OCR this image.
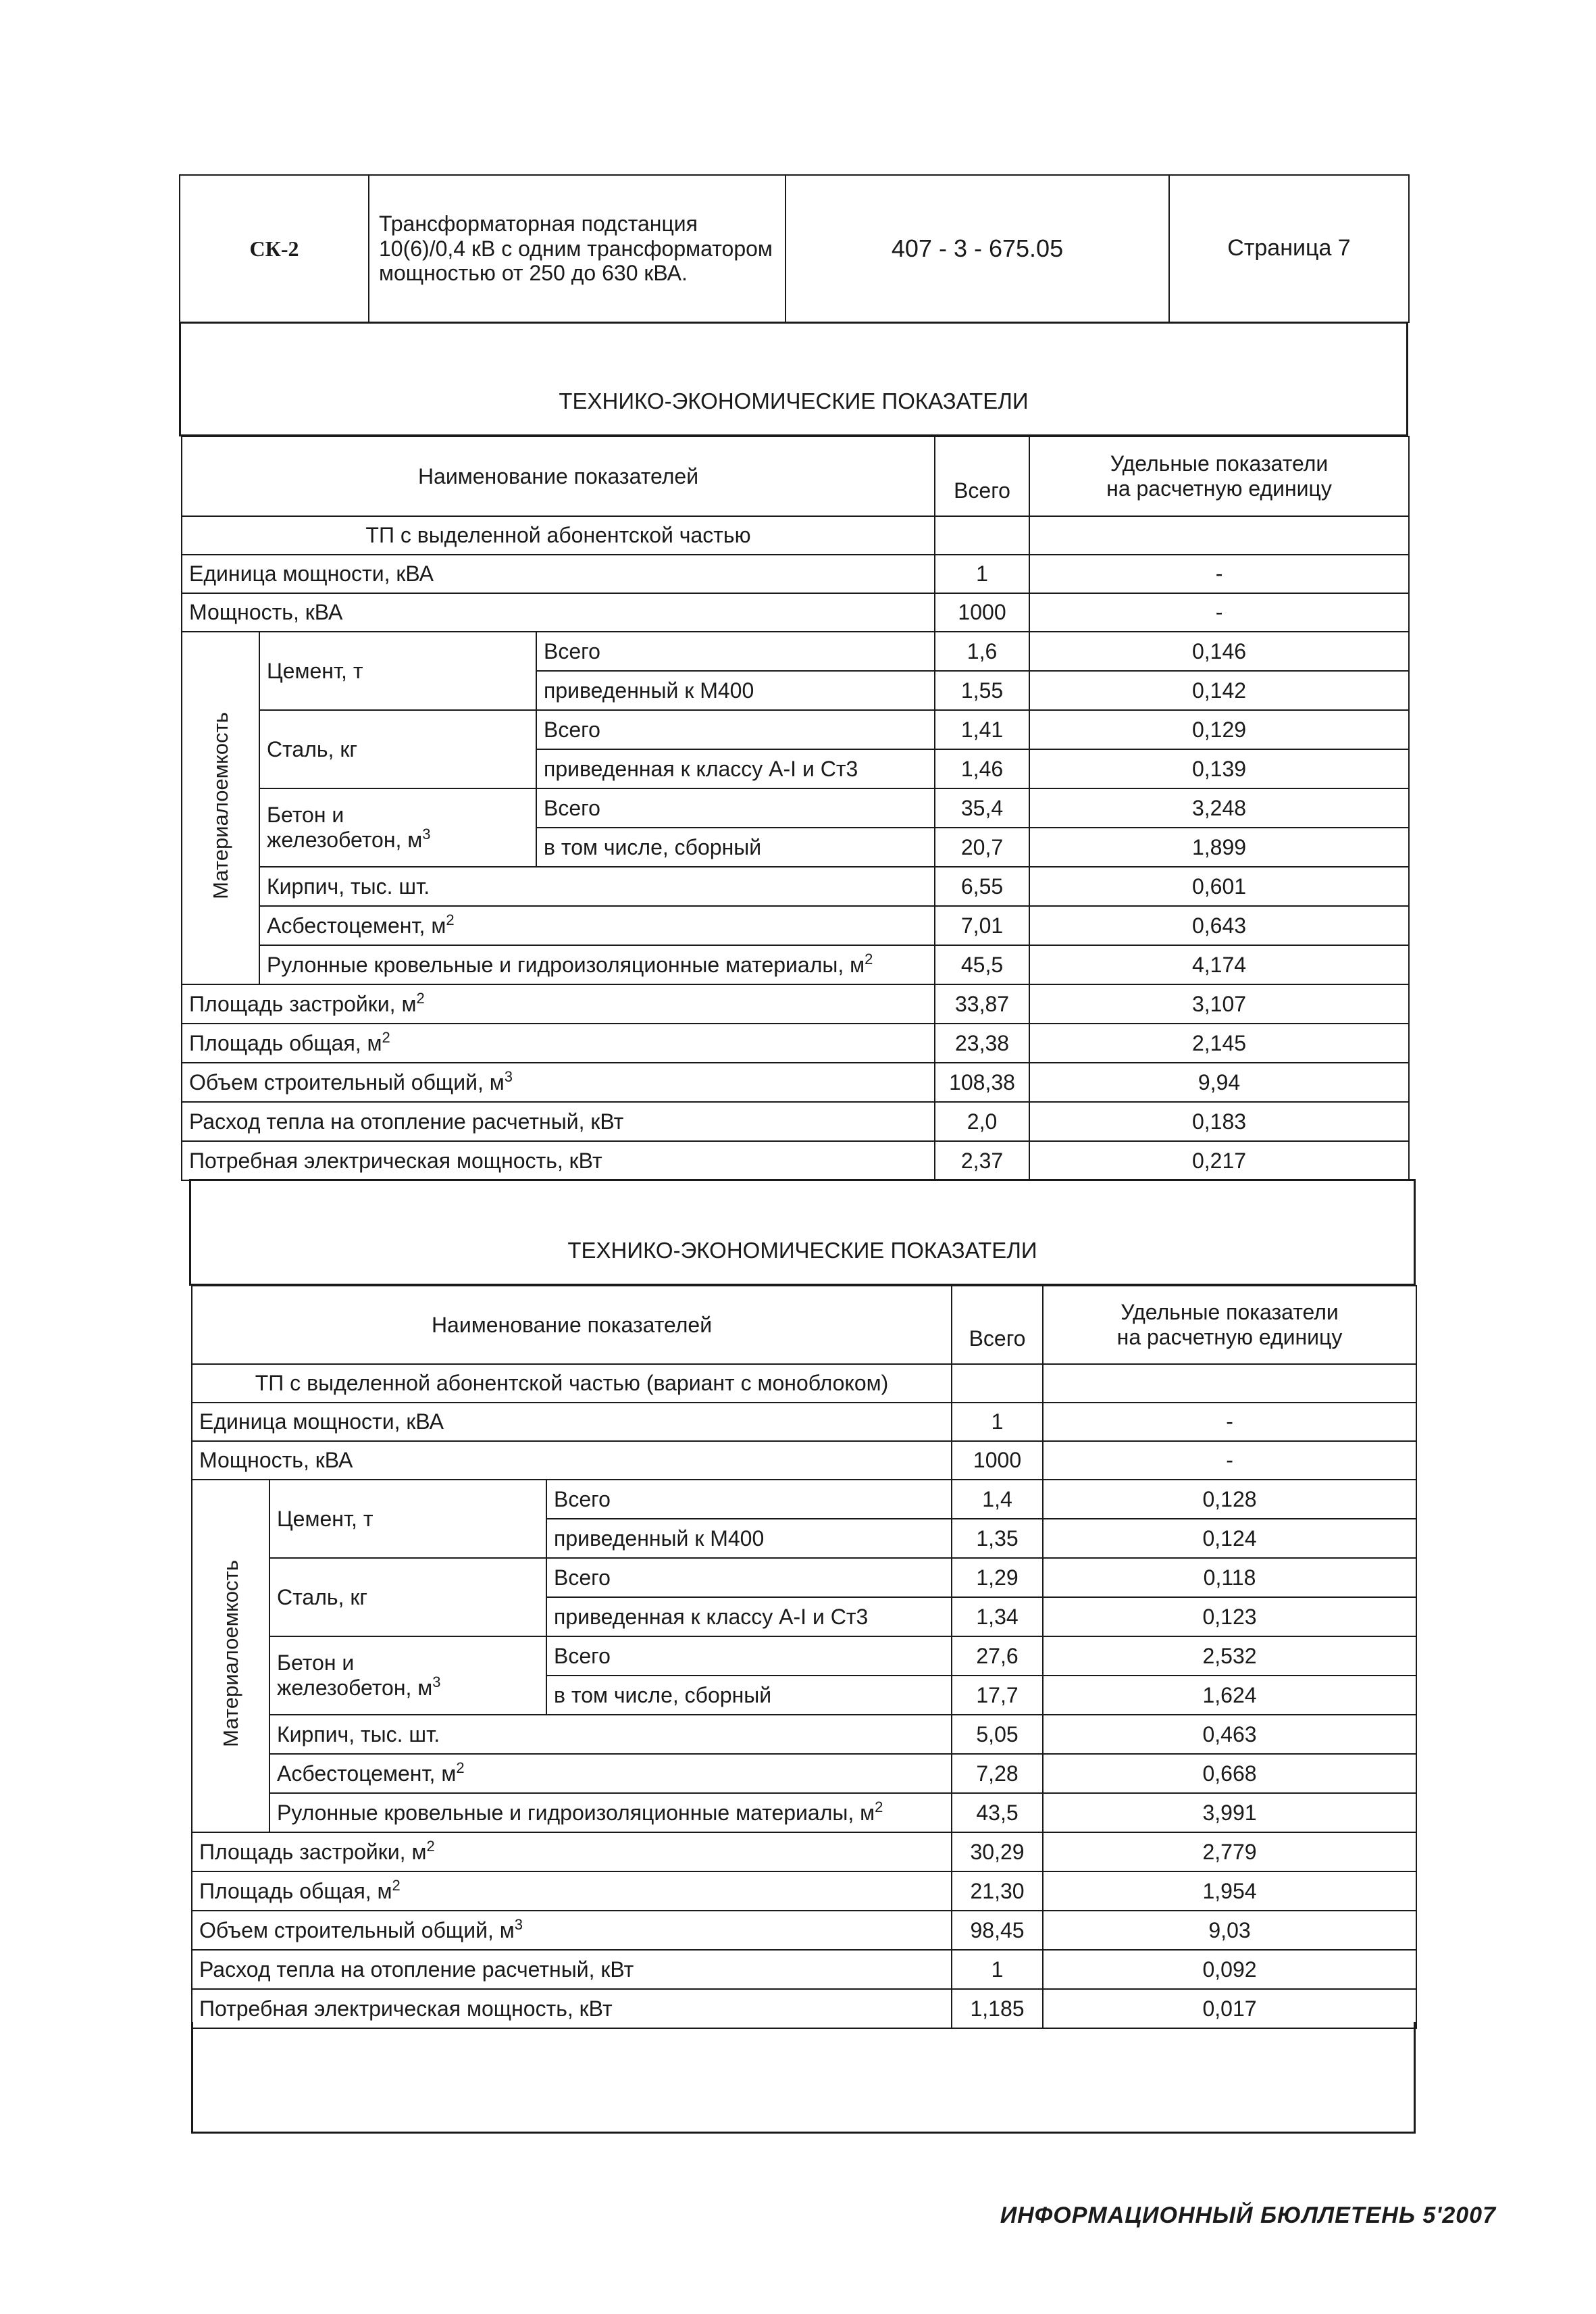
СК-2	
Трансформаторная подстанция
10(6)/0,4 кВ с одним трансформатором
мощностью от 250 до 630 кВА.
	407 - 3 - 675.05	Страница 7
ТЕХНИКО-ЭКОНОМИЧЕСКИЕ ПОКАЗАТЕЛИ
Наименование показателей			Всего	Удельные показатели
на расчетную единицу

ТП с выделенной абонентской частью				
Единица мощности, кВА			1	-
Мощность, кВА			1000	-
Материалоемкость	Цемент, т	Всего	1,6	0,146
		приведенный к М400	1,55	0,142
	Сталь, кг	Всего	1,41	0,129
		приведенная к классу A-I и Ст3	1,46	0,139

	Бетон и
железобетон, $м^3$	Всего	35,4	3,248
		в том числе, сборный	20,7	1,899
	Кирпич, тыс. шт.		6,55	0,601
	Асбестоцемент, $м^2$		7,01	0,643
	Рулонные кровельные и гидроизоляционные материалы, $м^2$		45,5	4,174
Площадь застройки, $м^2$			33,87	3,107
Площадь общая, $м^2$			23,38	2,145
Объем строительный общий, $м^3$			108,38	9,94
Расход тепла на отопление расчетный, кВт			2,0	0,183
Потребная электрическая мощность, кВт			2,37	0,217
ТЕХНИКО-ЭКОНОМИЧЕСКИЕ ПОКАЗАТЕЛИ
Наименование показателей			Всего	Удельные показатели
на расчетную единицу

ТП с выделенной абонентской частью (вариант с моноблоком)				
Единица мощности, кВА			1	-
Мощность, кВА			1000	-
Материалоемкость	Цемент, т	Всего	1,4	0,128
		приведенный к М400	1,35	0,124
	Сталь, кг	Всего	1,29	0,118
		приведенная к классу A-I и Ст3	1,34	0,123

	Бетон и
железобетон, $м^3$	Всего	27,6	2,532
		в том числе, сборный	17,7	1,624
	Кирпич, тыс. шт.		5,05	0,463
	Асбестоцемент, $м^2$		7,28	0,668
	Рулонные кровельные и гидроизоляционные материалы, $м^2$		43,5	3,991
Площадь застройки, $м^2$			30,29	2,779
Площадь общая, $м^2$			21,30	1,954
Объем строительный общий, $м^3$			98,45	9,03
Расход тепла на отопление расчетный, кВт			1	0,092
Потребная электрическая мощность, кВт			1,185	0,017
ИНФОРМАЦИОННЫЙ БЮЛЛЕТЕНЬ 5'2007
